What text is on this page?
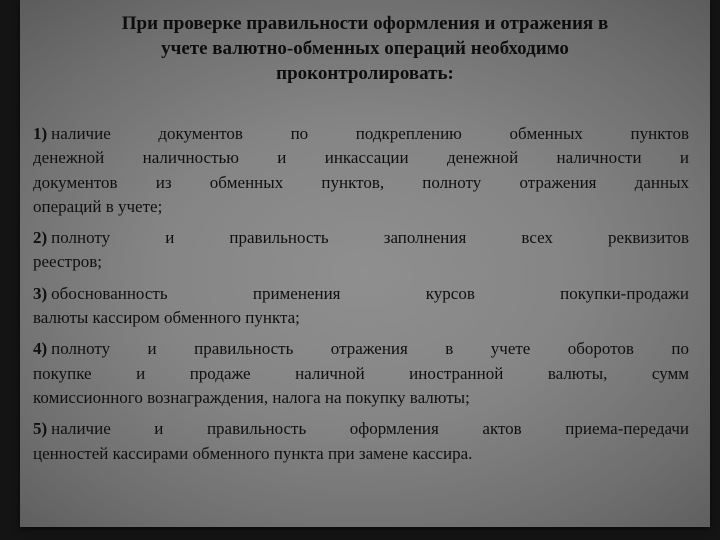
При проверке правильности оформления и отражения в
учете валютно-обменных операций необходимо
проконтролировать:
1) наличие документов по подкреплению обменных пунктов
денежной наличностью и инкассации денежной наличности и
документов из обменных пунктов, полноту отражения данных
операций в учете;
2) полноту и правильность заполнения всех реквизитов
реестров;
3) обоснованность применения курсов покупки-продажи
валюты кассиром обменного пункта;
4) полноту и правильность отражения в учете оборотов по
покупке и продаже наличной иностранной валюты, сумм
комиссионного вознаграждения, налога на покупку валюты;
5) наличие и правильность оформления актов приема-передачи
ценностей кассирами обменного пункта при замене кассира.
